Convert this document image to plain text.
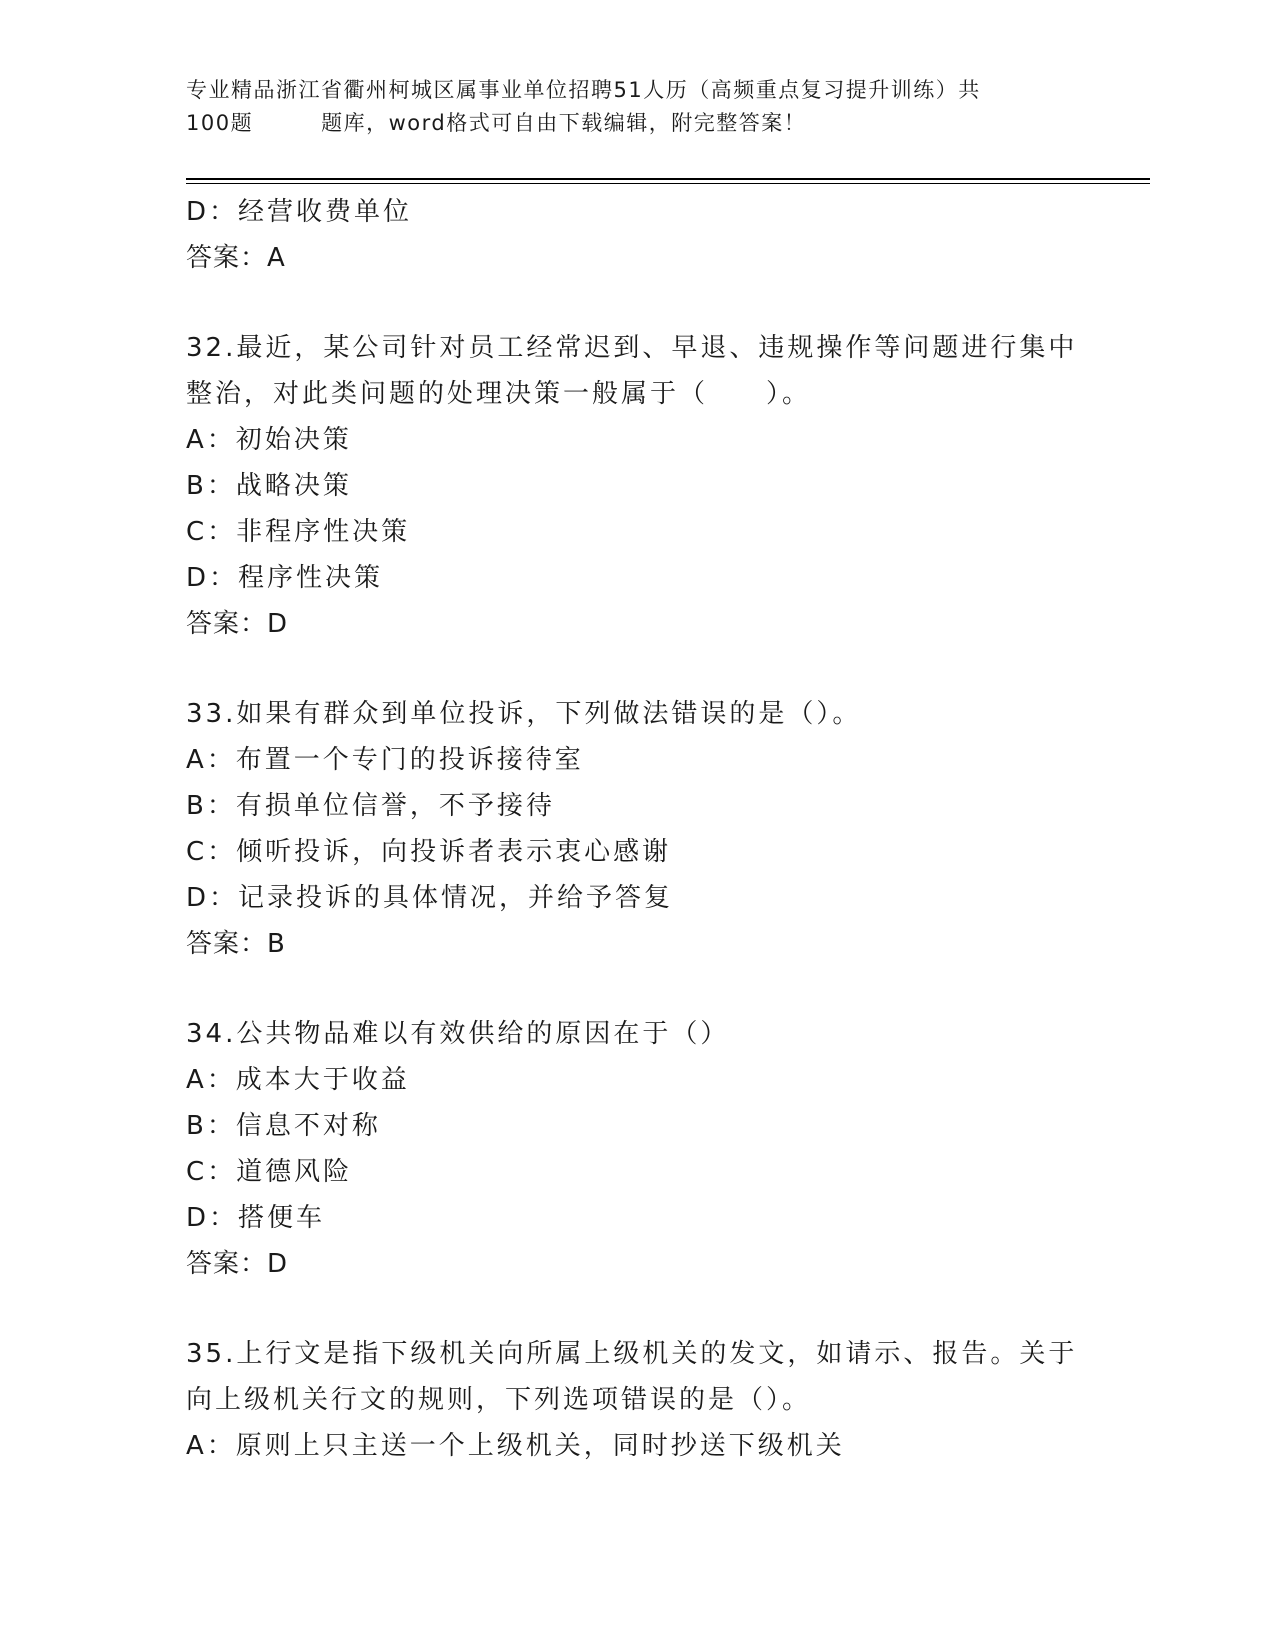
专业精品浙江省衢州柯城区属事业单位招聘51人历（高频重点复习提升训练）共
100题	题库，word格式可自由下载编辑，附完整答案！
D：经营收费单位
答案：A
32.最近，某公司针对员工经常迟到、早退、违规操作等问题进行集中
整治，对此类问题的处理决策一般属于（　　）。
A：初始决策
B：战略决策
C：非程序性决策
D：程序性决策
答案：D
33.如果有群众到单位投诉，下列做法错误的是（）。
A：布置一个专门的投诉接待室
B：有损单位信誉，不予接待
C：倾听投诉，向投诉者表示衷心感谢
D：记录投诉的具体情况，并给予答复
答案：B
34.公共物品难以有效供给的原因在于（）
A：成本大于收益
B：信息不对称
C：道德风险
D：搭便车
答案：D
35.上行文是指下级机关向所属上级机关的发文，如请示、报告。关于
向上级机关行文的规则，下列选项错误的是（）。
A：原则上只主送一个上级机关，同时抄送下级机关
